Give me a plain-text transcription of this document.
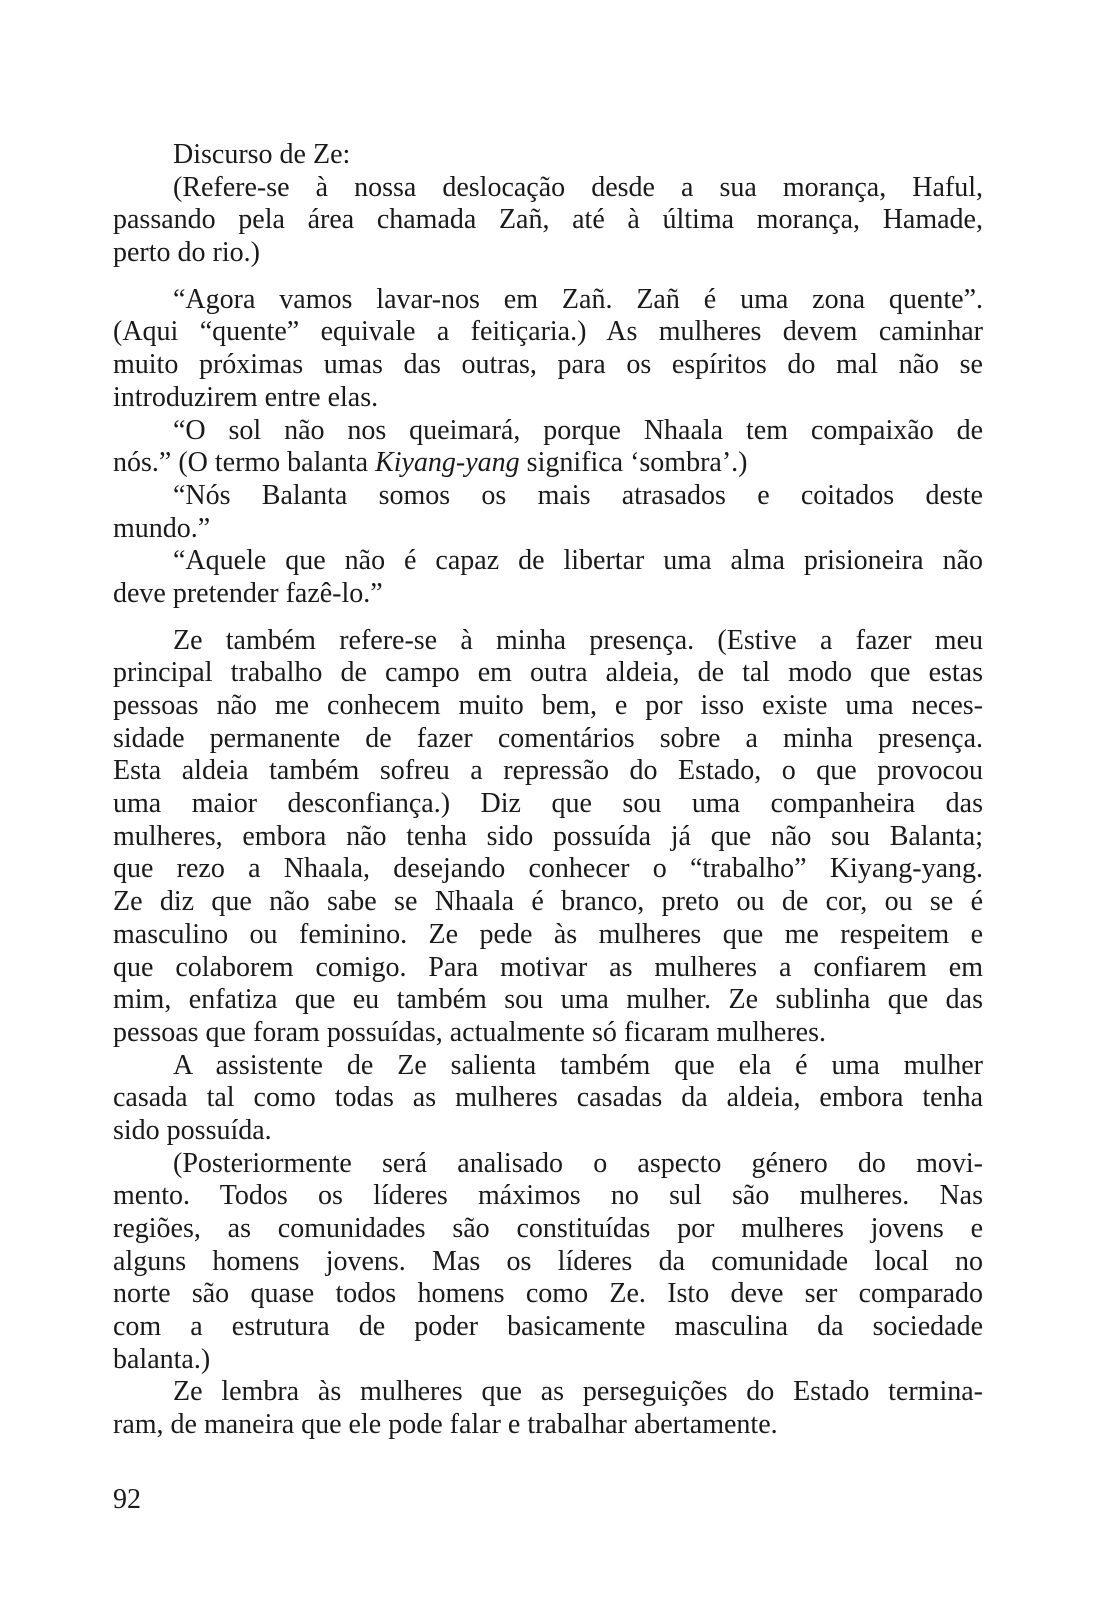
Discurso de Ze:
(Refere-se à nossa deslocação desde a sua morança, Haful,
passando pela área chamada Zañ, até à última morança, Hamade,
perto do rio.)
“Agora vamos lavar-nos em Zañ. Zañ é uma zona quente”.
(Aqui “quente” equivale a feitiçaria.) As mulheres devem caminhar
muito próximas umas das outras, para os espíritos do mal não se
introduzirem entre elas.
“O sol não nos queimará, porque Nhaala tem compaixão de
nós.” (O termo balanta Kiyang-yang significa ‘sombra’.)
“Nós Balanta somos os mais atrasados e coitados deste
mundo.”
“Aquele que não é capaz de libertar uma alma prisioneira não
deve pretender fazê-lo.”
Ze também refere-se à minha presença. (Estive a fazer meu
principal trabalho de campo em outra aldeia, de tal modo que estas
pessoas não me conhecem muito bem, e por isso existe uma neces-
sidade permanente de fazer comentários sobre a minha presença.
Esta aldeia também sofreu a repressão do Estado, o que provocou
uma maior desconfiança.) Diz que sou uma companheira das
mulheres, embora não tenha sido possuída já que não sou Balanta;
que rezo a Nhaala, desejando conhecer o “trabalho” Kiyang-yang.
Ze diz que não sabe se Nhaala é branco, preto ou de cor, ou se é
masculino ou feminino. Ze pede às mulheres que me respeitem e
que colaborem comigo. Para motivar as mulheres a confiarem em
mim, enfatiza que eu também sou uma mulher. Ze sublinha que das
pessoas que foram possuídas, actualmente só ficaram mulheres.
A assistente de Ze salienta também que ela é uma mulher
casada tal como todas as mulheres casadas da aldeia, embora tenha
sido possuída.
(Posteriormente será analisado o aspecto género do movi-
mento. Todos os líderes máximos no sul são mulheres. Nas
regiões, as comunidades são constituídas por mulheres jovens e
alguns homens jovens. Mas os líderes da comunidade local no
norte são quase todos homens como Ze. Isto deve ser comparado
com a estrutura de poder basicamente masculina da sociedade
balanta.)
Ze lembra às mulheres que as perseguições do Estado termina-
ram, de maneira que ele pode falar e trabalhar abertamente.
92
